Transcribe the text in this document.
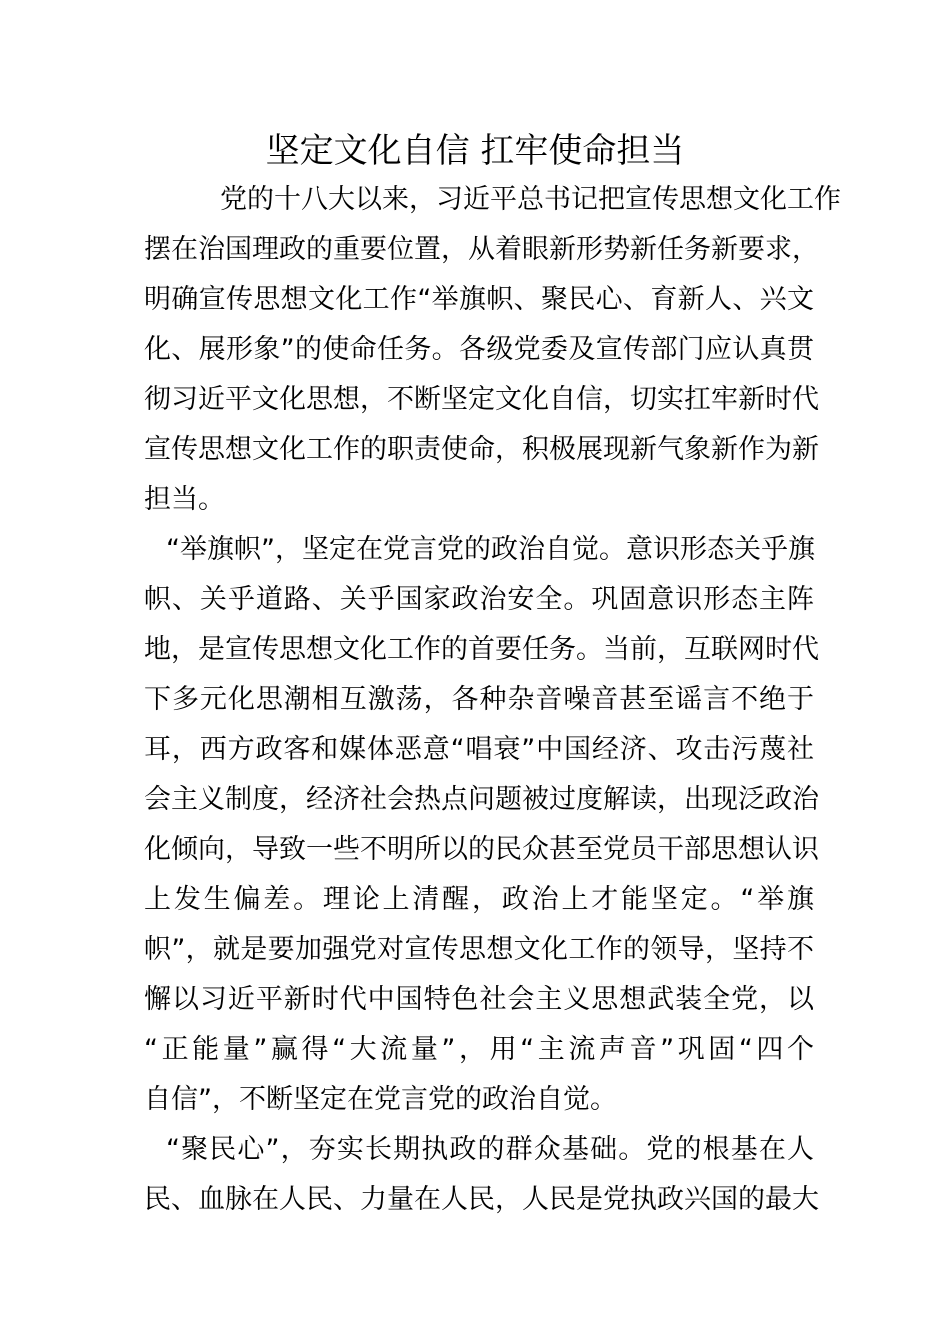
坚定文化自信 扛牢使命担当
党的十八大以来，习近平总书记把宣传思想文化工作
摆在治国理政的重要位置，从着眼新形势新任务新要求，
明确宣传思想文化工作“举旗帜、聚民心、育新人、兴文
化、展形象”的使命任务。各级党委及宣传部门应认真贯
彻习近平文化思想，不断坚定文化自信，切实扛牢新时代
宣传思想文化工作的职责使命，积极展现新气象新作为新
担当。
“举旗帜”，坚定在党言党的政治自觉。意识形态关乎旗
帜、关乎道路、关乎国家政治安全。巩固意识形态主阵
地，是宣传思想文化工作的首要任务。当前，互联网时代
下多元化思潮相互激荡，各种杂音噪音甚至谣言不绝于
耳，西方政客和媒体恶意“唱衰”中国经济、攻击污蔑社
会主义制度，经济社会热点问题被过度解读，出现泛政治
化倾向，导致一些不明所以的民众甚至党员干部思想认识
上发生偏差。理论上清醒，政治上才能坚定。“举旗
帜”，就是要加强党对宣传思想文化工作的领导，坚持不
懈以习近平新时代中国特色社会主义思想武装全党，以
“正能量”赢得“大流量”，用“主流声音”巩固“四个
自信”，不断坚定在党言党的政治自觉。
“聚民心”，夯实长期执政的群众基础。党的根基在人
民、血脉在人民、力量在人民，人民是党执政兴国的最大
